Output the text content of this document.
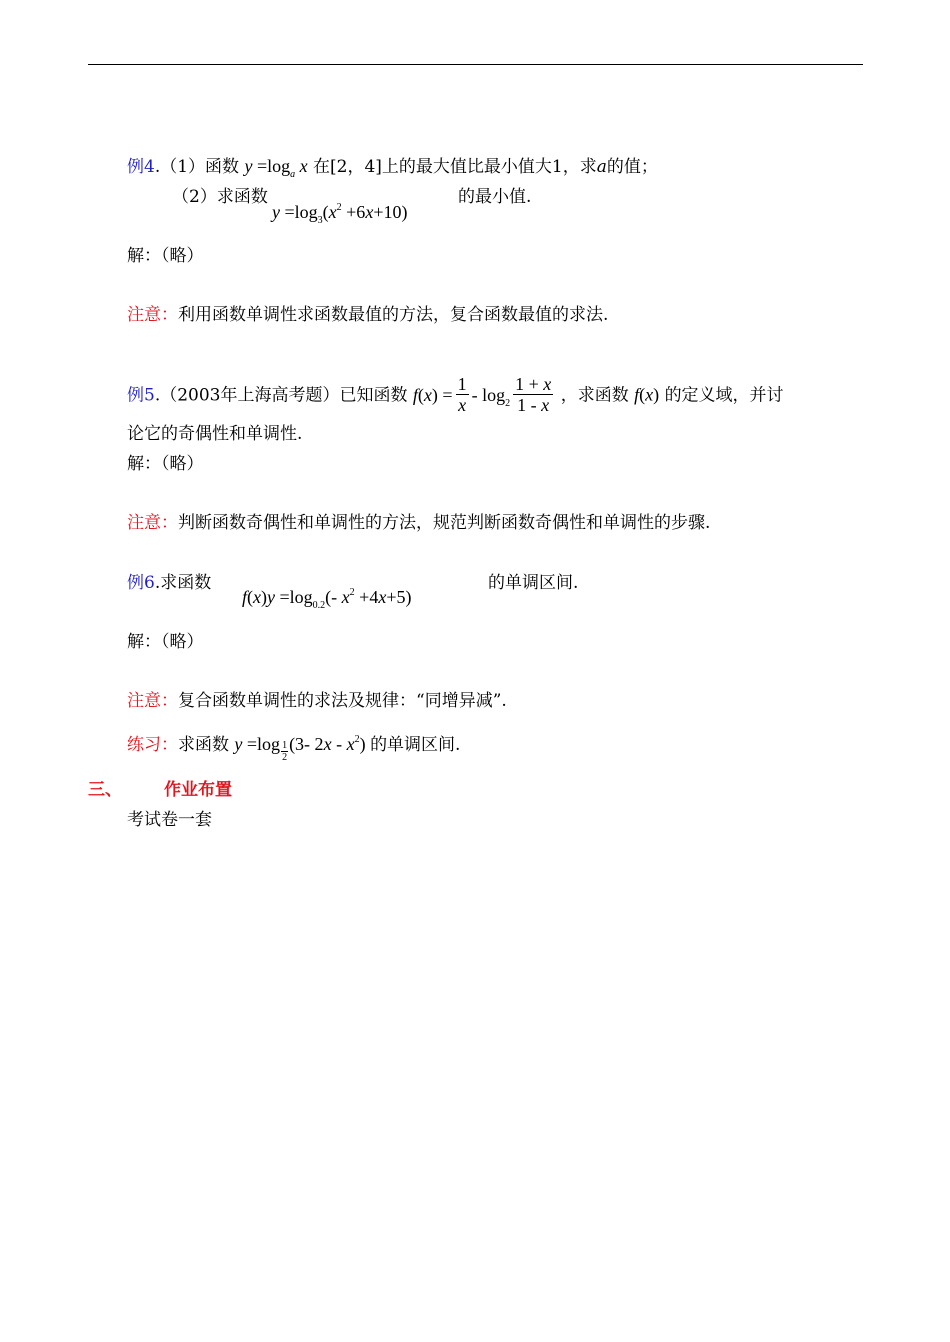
例4.（1）函数 $y =\log_a$ x 在[2，4]上的最大值比最小值大1，求a的值；
（2）求函数
$y =\log_3(x^2 +6x+10)$
的最小值.
解：（略）
注意：利用函数单调性求函数最值的方法，复合函数最值的求法.
例5.（2003年上海高考题）已知函数 $f(x) = \frac{1}{x} - \log_2 \frac{1 + x}{1 - x}$ ，求函数 f(x) 的定义域，并讨
论它的奇偶性和单调性.
解：（略）
注意：判断函数奇偶性和单调性的方法，规范判断函数奇偶性和单调性的步骤.
例6.求函数
$f(x)y =\log_{0.2}(-$ $x^2 +4x+5$)
的单调区间.
解：（略）
注意：复合函数单调性的求法及规律：“同增异减”.
练习：求函数 $y =\log \frac{1}{2} (3-$ $2x - x^2$) 的单调区间.
三、 作业布置
考试卷一套
